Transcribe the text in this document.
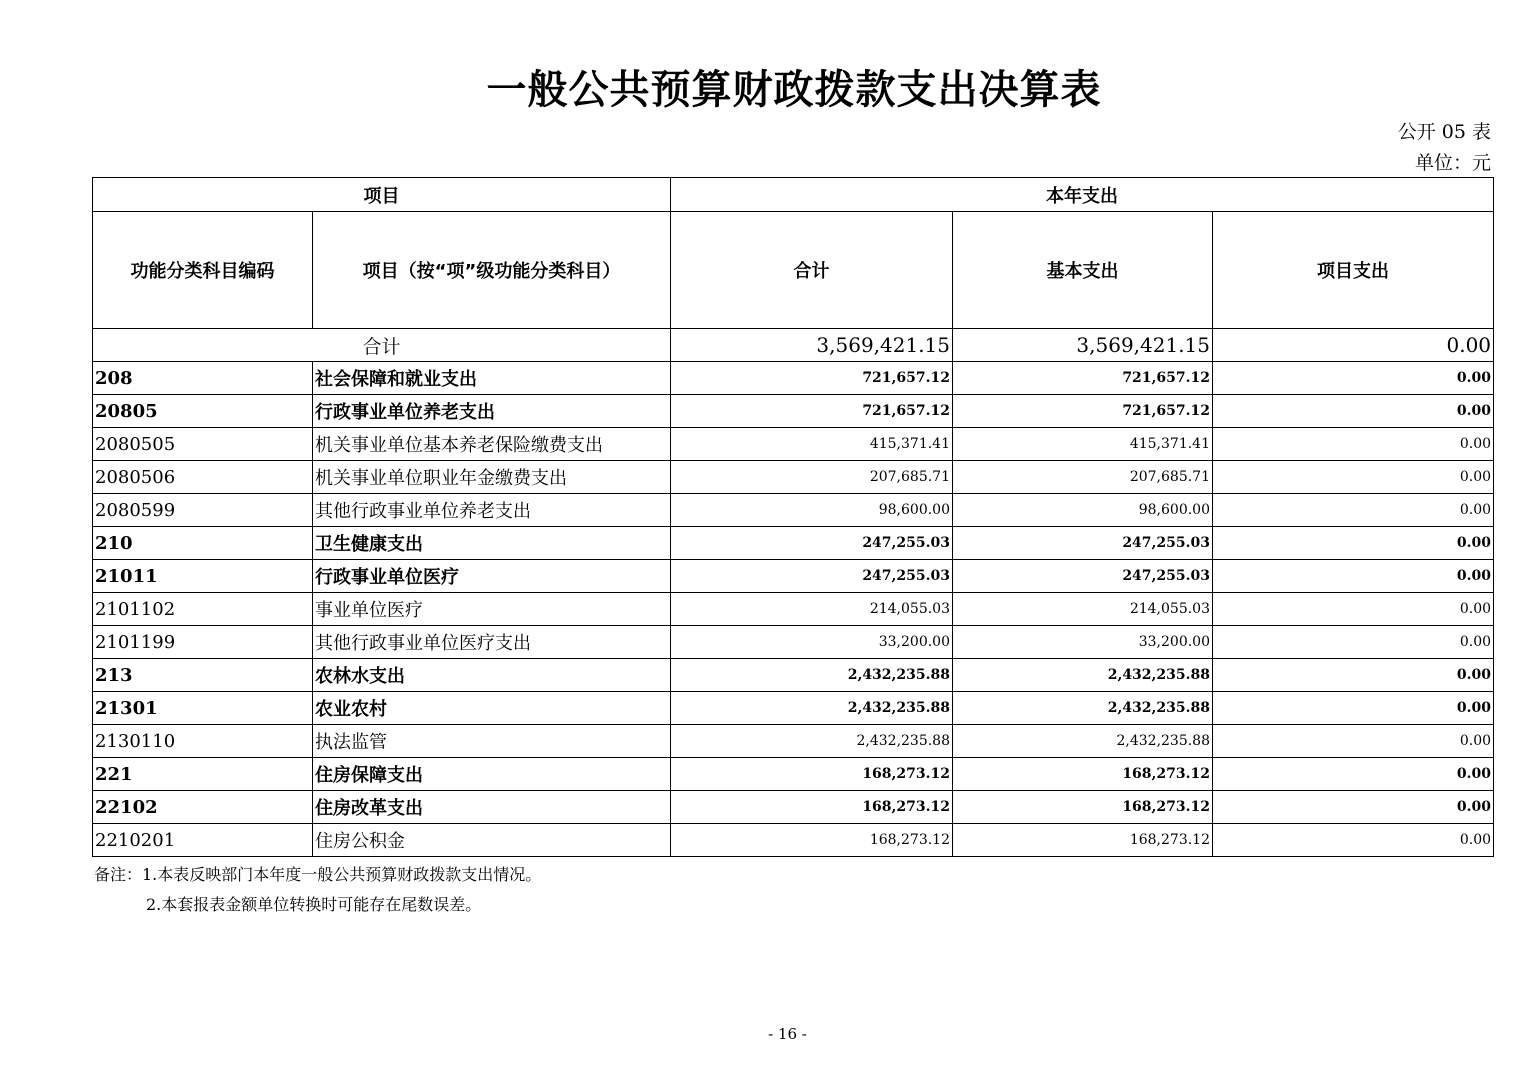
一般公共预算财政拨款支出决算表
公开 05 表
单位：元
项目		本年支出		
功能分类科目编码	项目（按“项”级功能分类科目）	合计	基本支出	项目支出
合计		3,569,421.15	3,569,421.15	0.00
208	社会保障和就业支出	721,657.12	721,657.12	0.00
20805	行政事业单位养老支出	721,657.12	721,657.12	0.00
2080505	机关事业单位基本养老保险缴费支出	415,371.41	415,371.41	0.00
2080506	机关事业单位职业年金缴费支出	207,685.71	207,685.71	0.00
2080599	其他行政事业单位养老支出	98,600.00	98,600.00	0.00
210	卫生健康支出	247,255.03	247,255.03	0.00
21011	行政事业单位医疗	247,255.03	247,255.03	0.00
2101102	事业单位医疗	214,055.03	214,055.03	0.00
2101199	其他行政事业单位医疗支出	33,200.00	33,200.00	0.00
213	农林水支出	2,432,235.88	2,432,235.88	0.00
21301	农业农村	2,432,235.88	2,432,235.88	0.00
2130110	执法监管	2,432,235.88	2,432,235.88	0.00
221	住房保障支出	168,273.12	168,273.12	0.00
22102	住房改革支出	168,273.12	168,273.12	0.00
2210201	住房公积金	168,273.12	168,273.12	0.00
备注：1.本表反映部门本年度一般公共预算财政拨款支出情况。
2.本套报表金额单位转换时可能存在尾数误差。
- 16 -
